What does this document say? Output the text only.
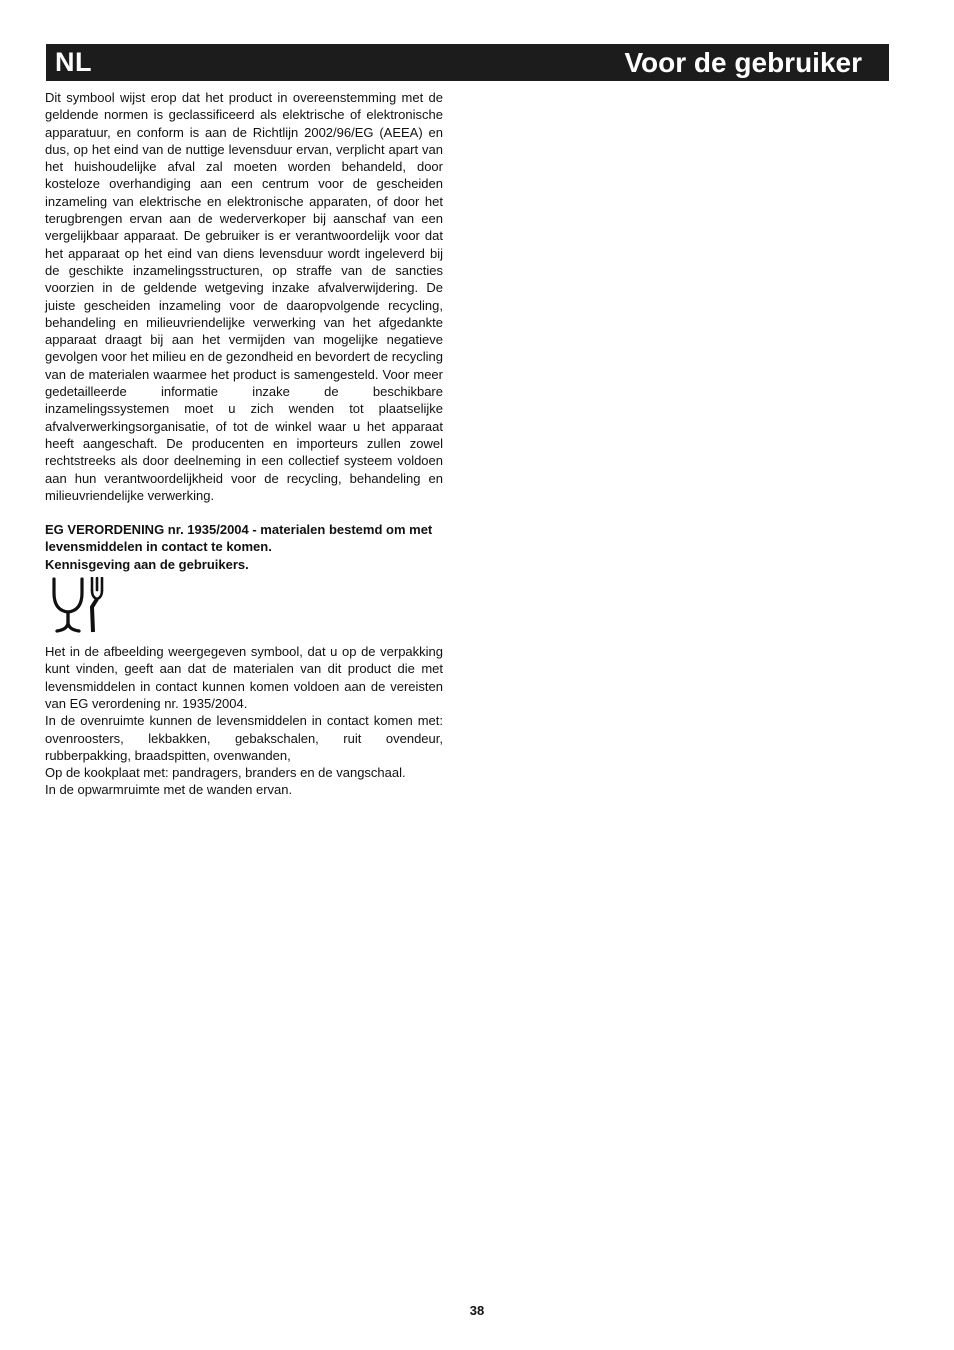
NL	Voor de gebruiker

Dit symbool wijst erop dat het product in overeenstemming met de geldende normen is geclassificeerd als elektrische of elektronische apparatuur, en conform is aan de Richtlijn 2002/96/EG (AEEA) en dus, op het eind van de nuttige levensduur ervan, verplicht apart van het huishoudelijke afval zal moeten worden behandeld, door kosteloze overhandiging aan een centrum voor de gescheiden inzameling van elektrische en elektronische apparaten, of door het terugbrengen ervan aan de wederverkoper bij aanschaf van een vergelijkbaar apparaat. De gebruiker is er verantwoordelijk voor dat het apparaat op het eind van diens levensduur wordt ingeleverd bij de geschikte inzamelingsstructuren, op straffe van de sancties voorzien in de geldende wetgeving inzake afvalverwijdering. De juiste gescheiden inzameling voor de daaropvolgende recycling, behandeling en milieuvriendelijke verwerking van het afgedankte apparaat draagt bij aan het vermijden van mogelijke negatieve gevolgen voor het milieu en de gezondheid en bevordert de recycling van de materialen waarmee het product is samengesteld. Voor meer gedetailleerde informatie inzake de beschikbare inzamelingssystemen moet u zich wenden tot plaatselijke afvalverwerkingsorganisatie, of tot de winkel waar u het apparaat heeft aangeschaft. De producenten en importeurs zullen zowel rechtstreeks als door deelneming in een collectief systeem voldoen aan hun verantwoordelijkheid voor de recycling, behandeling en milieuvriendelijke verwerking.

EG VERORDENING nr. 1935/2004 - materialen bestemd om met levensmiddelen in contact te komen.
Kennisgeving aan de gebruikers.

Het in de afbeelding weergegeven symbool, dat u op de verpakking kunt vinden, geeft aan dat de materialen van dit product die met levensmiddelen in contact kunnen komen voldoen aan de vereisten van EG verordening nr. 1935/2004.

In de ovenruimte kunnen de levensmiddelen in contact komen met: ovenroosters, lekbakken, gebakschalen, ruit ovendeur, rubberpakking, braadspitten, ovenwanden,

Op de kookplaat met: pandragers, branders en de vangschaal.

In de opwarmruimte met de wanden ervan.

38
